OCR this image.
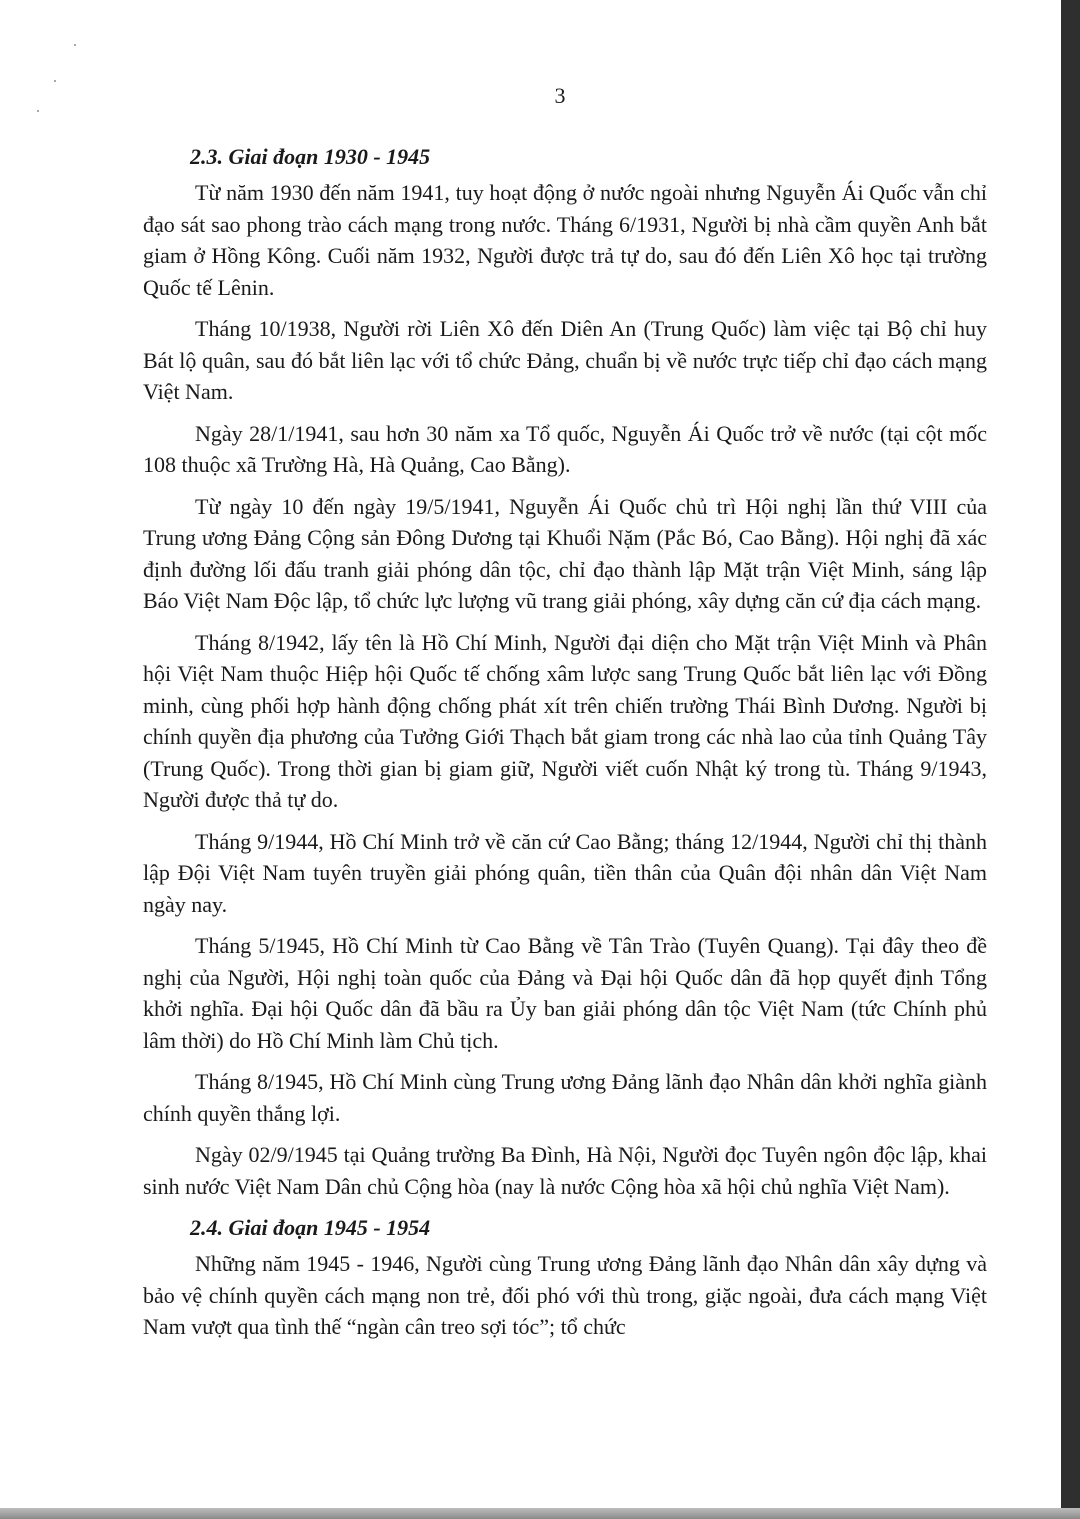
3
2.3. Giai đoạn 1930 - 1945

Từ năm 1930 đến năm 1941, tuy hoạt động ở nước ngoài nhưng Nguyễn Ái Quốc vẫn chỉ đạo sát sao phong trào cách mạng trong nước. Tháng 6/1931, Người bị nhà cầm quyền Anh bắt giam ở Hồng Kông. Cuối năm 1932, Người được trả tự do, sau đó đến Liên Xô học tại trường Quốc tế Lênin.

Tháng 10/1938, Người rời Liên Xô đến Diên An (Trung Quốc) làm việc tại Bộ chỉ huy Bát lộ quân, sau đó bắt liên lạc với tổ chức Đảng, chuẩn bị về nước trực tiếp chỉ đạo cách mạng Việt Nam.

Ngày 28/1/1941, sau hơn 30 năm xa Tổ quốc, Nguyễn Ái Quốc trở về nước (tại cột mốc 108 thuộc xã Trường Hà, Hà Quảng, Cao Bằng).

Từ ngày 10 đến ngày 19/5/1941, Nguyễn Ái Quốc chủ trì Hội nghị lần thứ VIII của Trung ương Đảng Cộng sản Đông Dương tại Khuổi Nặm (Pắc Bó, Cao Bằng). Hội nghị đã xác định đường lối đấu tranh giải phóng dân tộc, chỉ đạo thành lập Mặt trận Việt Minh, sáng lập Báo Việt Nam Độc lập, tổ chức lực lượng vũ trang giải phóng, xây dựng căn cứ địa cách mạng.

Tháng 8/1942, lấy tên là Hồ Chí Minh, Người đại diện cho Mặt trận Việt Minh và Phân hội Việt Nam thuộc Hiệp hội Quốc tế chống xâm lược sang Trung Quốc bắt liên lạc với Đồng minh, cùng phối hợp hành động chống phát xít trên chiến trường Thái Bình Dương. Người bị chính quyền địa phương của Tưởng Giới Thạch bắt giam trong các nhà lao của tỉnh Quảng Tây (Trung Quốc). Trong thời gian bị giam giữ, Người viết cuốn Nhật ký trong tù. Tháng 9/1943, Người được thả tự do.

Tháng 9/1944, Hồ Chí Minh trở về căn cứ Cao Bằng; tháng 12/1944, Người chỉ thị thành lập Đội Việt Nam tuyên truyền giải phóng quân, tiền thân của Quân đội nhân dân Việt Nam ngày nay.

Tháng 5/1945, Hồ Chí Minh từ Cao Bằng về Tân Trào (Tuyên Quang). Tại đây theo đề nghị của Người, Hội nghị toàn quốc của Đảng và Đại hội Quốc dân đã họp quyết định Tổng khởi nghĩa. Đại hội Quốc dân đã bầu ra Ủy ban giải phóng dân tộc Việt Nam (tức Chính phủ lâm thời) do Hồ Chí Minh làm Chủ tịch.

Tháng 8/1945, Hồ Chí Minh cùng Trung ương Đảng lãnh đạo Nhân dân khởi nghĩa giành chính quyền thắng lợi.

Ngày 02/9/1945 tại Quảng trường Ba Đình, Hà Nội, Người đọc Tuyên ngôn độc lập, khai sinh nước Việt Nam Dân chủ Cộng hòa (nay là nước Cộng hòa xã hội chủ nghĩa Việt Nam).

2.4. Giai đoạn 1945 - 1954

Những năm 1945 - 1946, Người cùng Trung ương Đảng lãnh đạo Nhân dân xây dựng và bảo vệ chính quyền cách mạng non trẻ, đối phó với thù trong, giặc ngoài, đưa cách mạng Việt Nam vượt qua tình thế “ngàn cân treo sợi tóc”; tổ chức
